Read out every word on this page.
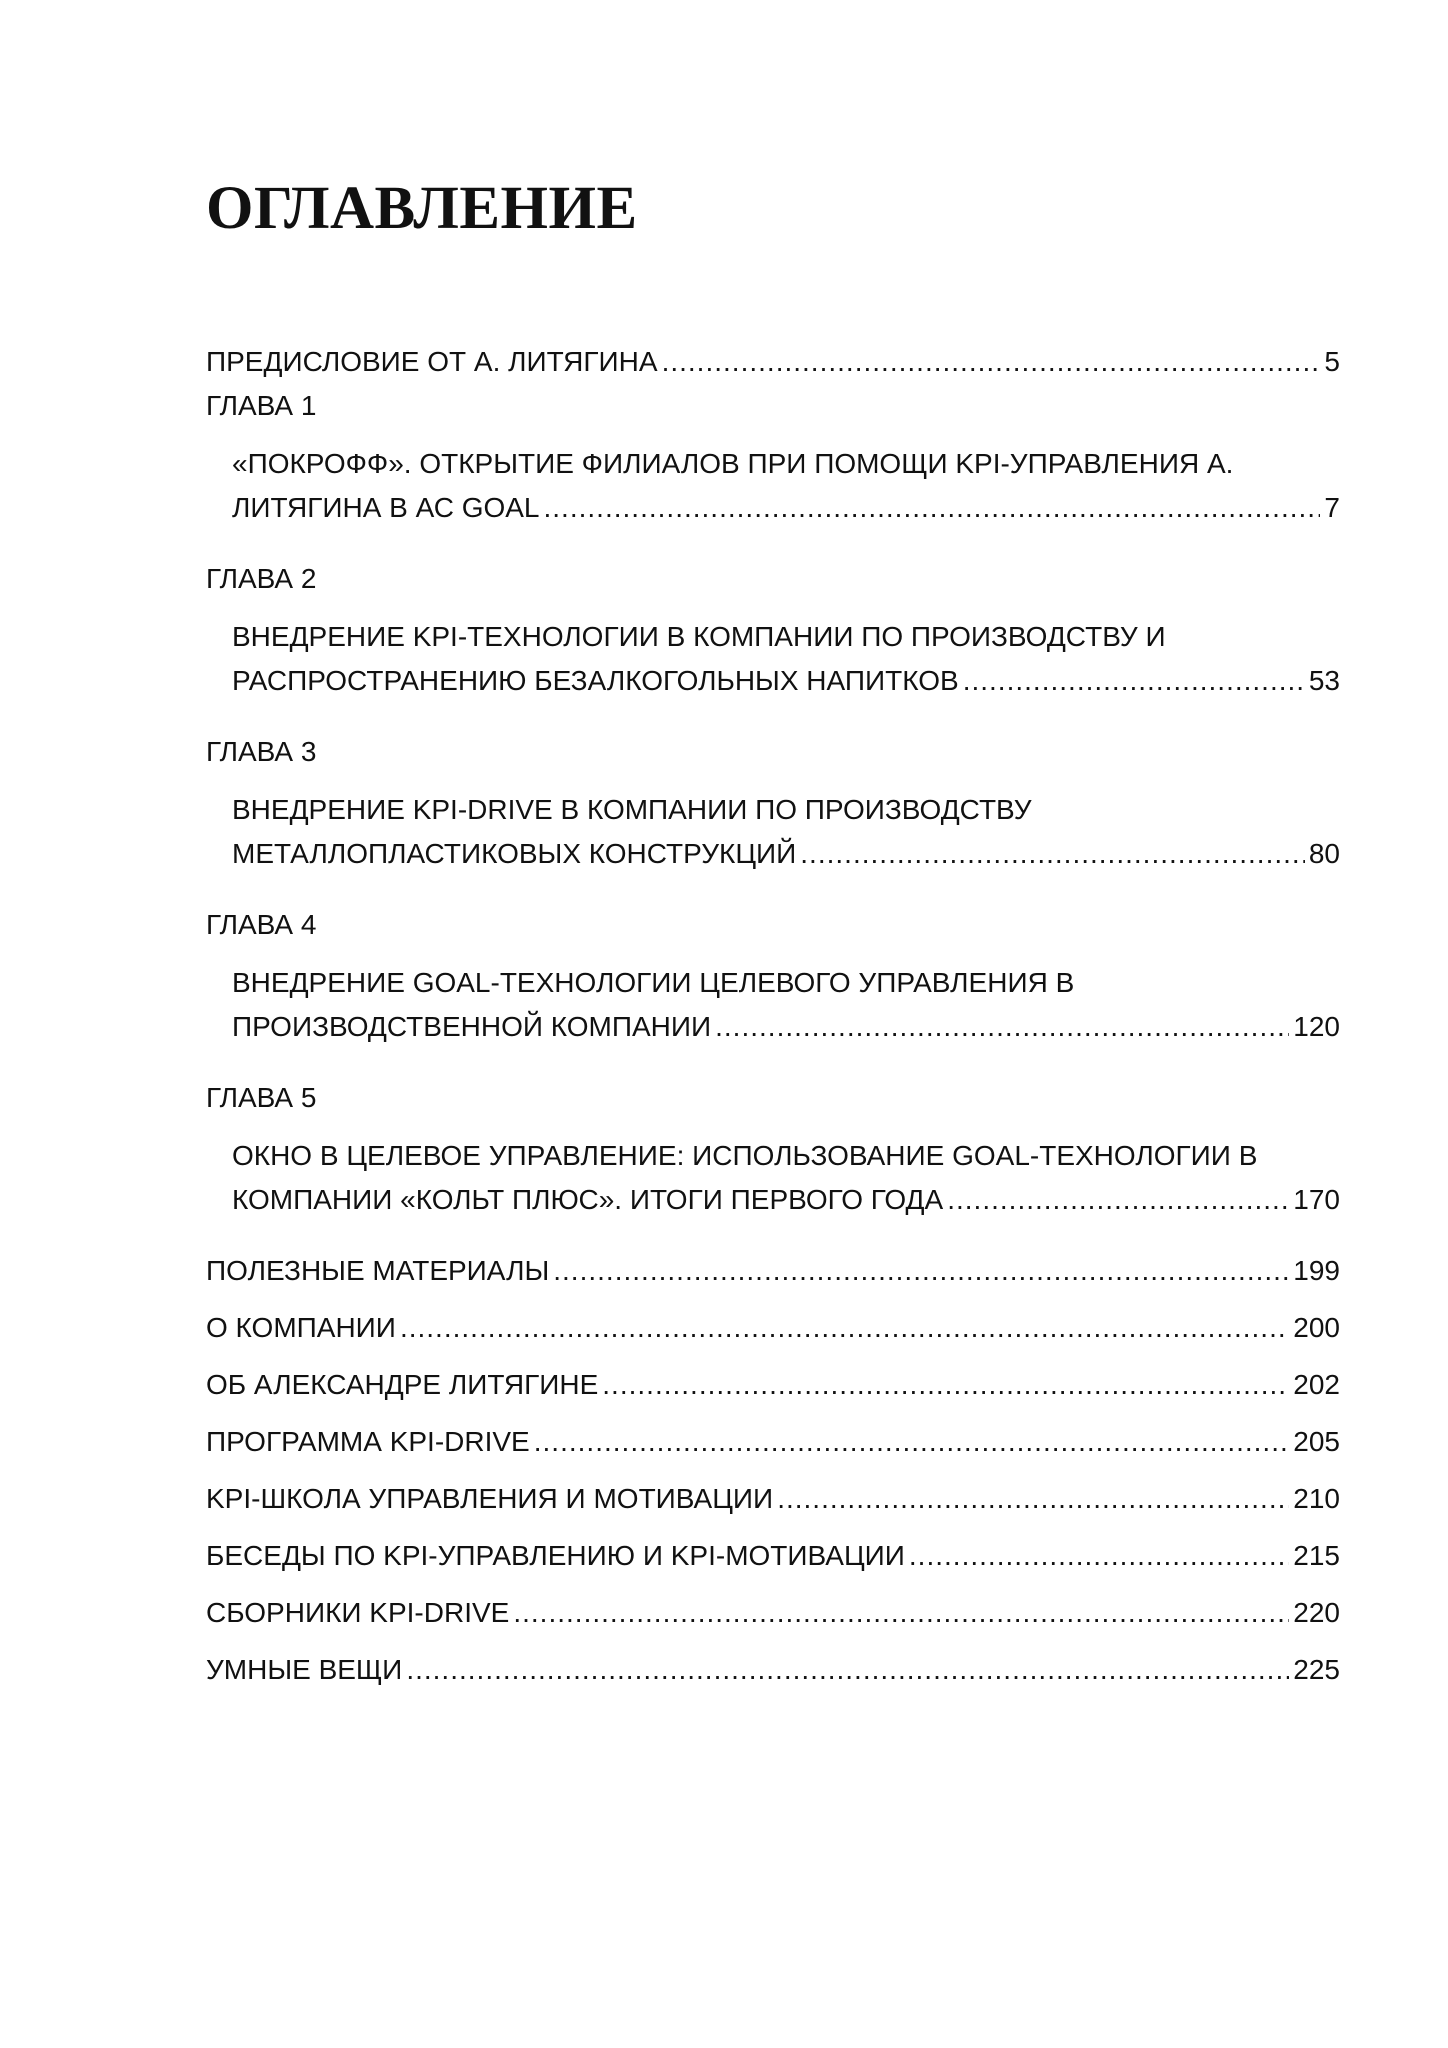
ОГЛАВЛЕНИЕ
ПРЕДИСЛОВИЕ ОТ А. ЛИТЯГИНА .....	5
ГЛАВА 1
«ПОКРОФФ». ОТКРЫТИЕ ФИЛИАЛОВ ПРИ ПОМОЩИ KPI-УПРАВЛЕНИЯ А.
ЛИТЯГИНА В АС GOAL .....	7
ГЛАВА 2
ВНЕДРЕНИЕ KPI-ТЕХНОЛОГИИ В КОМПАНИИ ПО ПРОИЗВОДСТВУ И
РАСПРОСТРАНЕНИЮ БЕЗАЛКОГОЛЬНЫХ НАПИТКОВ .....	53
ГЛАВА 3
ВНЕДРЕНИЕ KPI-DRIVE В КОМПАНИИ ПО ПРОИЗВОДСТВУ
МЕТАЛЛОПЛАСТИКОВЫХ КОНСТРУКЦИЙ .....	80
ГЛАВА 4
ВНЕДРЕНИЕ GOAL-ТЕХНОЛОГИИ ЦЕЛЕВОГО УПРАВЛЕНИЯ В
ПРОИЗВОДСТВЕННОЙ КОМПАНИИ .....	120
ГЛАВА 5
ОКНО В ЦЕЛЕВОЕ УПРАВЛЕНИЕ: ИСПОЛЬЗОВАНИЕ GOAL-ТЕХНОЛОГИИ В
КОМПАНИИ «КОЛЬТ ПЛЮС». ИТОГИ ПЕРВОГО ГОДА .....	170
ПОЛЕЗНЫЕ МАТЕРИАЛЫ .....	199
О КОМПАНИИ .....	200
ОБ АЛЕКСАНДРЕ ЛИТЯГИНЕ .....	202
ПРОГРАММА KPI-DRIVE .....	205
KPI-ШКОЛА УПРАВЛЕНИЯ И МОТИВАЦИИ .....	210
БЕСЕДЫ ПО KPI-УПРАВЛЕНИЮ И KPI-МОТИВАЦИИ .....	215
СБОРНИКИ KPI-DRIVE .....	220
УМНЫЕ ВЕЩИ .....	225
